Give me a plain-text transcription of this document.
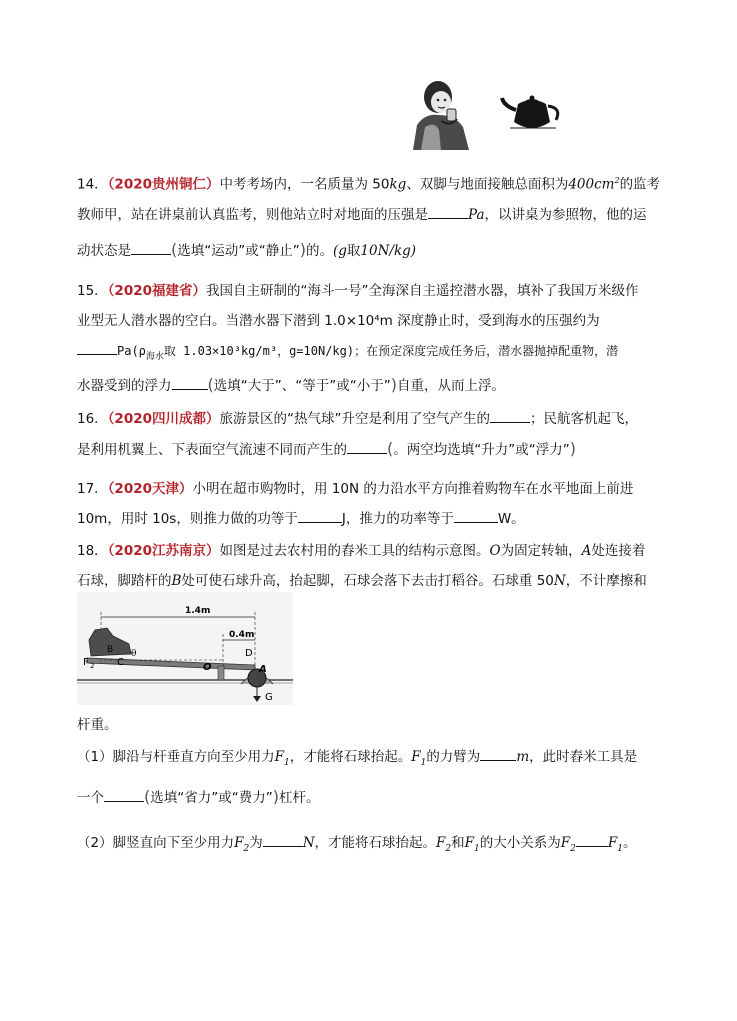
14．（2020贵州铜仁）中考考场内，一名质量为 50kg、双脚与地面接触总面积为$400cm^2$的监考
教师甲，站在讲桌前认真监考，则他站立时对地面的压强是	Pa，以讲桌为参照物，他的运
动状态是	(选填“运动”或“静止”)的。(g取10N/kg)
15．（2020福建省）我国自主研制的“海斗一号”全海深自主遥控潜水器，填补了我国万米级作
业型无人潜水器的空白。当潜水器下潜到 1.0×10⁴m 深度静止时，受到海水的压强约为
$Pa(\rho_{海水}$取 1.03×10³kg/m³，g=10N/kg)；在预定深度完成任务后，潜水器抛掉配重物，潜
水器受到的浮力 (选填“大于”、“等于”或“小于”)自重，从而上浮。
16．（2020四川成都）旅游景区的“热气球”升空是利用了空气产生的	；民航客机起飞，
是利用机翼上、下表面空气流速不同而产生的	(。两空均选填“升力”或“浮力”)
17．（2020天津）小明在超市购物时，用 10N 的力沿水平方向推着购物车在水平地面上前进
10m，用时 10s，则推力做的功等于	J，推力的功率等于	W。
18．（2020江苏南京）如图是过去农村用的舂米工具的结构示意图。O为固定转轴，A处连接着
石球，脚踏杆的B处可使石球升高，抬起脚，石球会落下去击打稻谷。石球重 50N，不计摩擦和
1.4m
0.4m
F 2 C
B θ
O
D
A
G
杆重。
（1）脚沿与杆垂直方向至少用力$F_1$，才能将石球抬起。$F_1$的力臂为	m，此时舂米工具是
一个	(选填“省力”或“费力”)杠杆。
（2）脚竖直向下至少用力$F_2$为	N，才能将石球抬起。$F_2$和$F_1$的大小关系为$F_2$ $F_1$。
